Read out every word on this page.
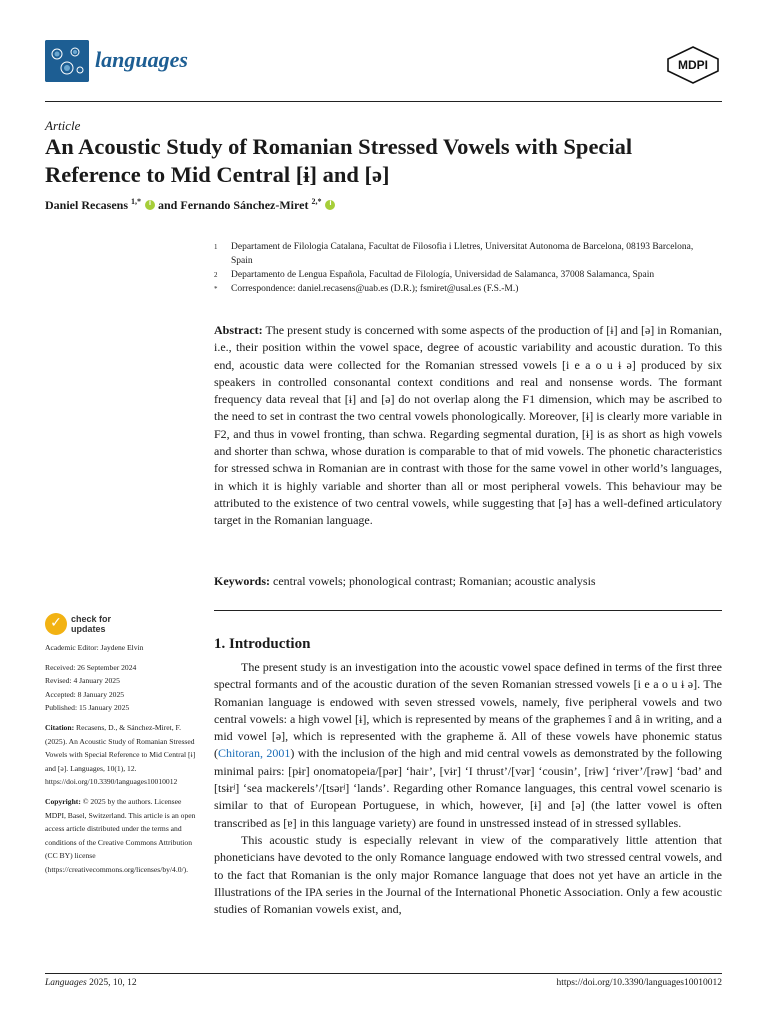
languages	MDPI
Article
An Acoustic Study of Romanian Stressed Vowels with Special
Reference to Mid Central [ɨ] and [ə]
Daniel Recasens $^{1,*}$ i and Fernando Sánchez-Miret $^{2,*}$ i
1	Departament de Filologia Catalana, Facultat de Filosofia i Lletres, Universitat Autonoma de Barcelona, 08193 Barcelona, Spain
2	Departamento de Lengua Española, Facultad de Filología, Universidad de Salamanca, 37008 Salamanca, Spain
*	Correspondence: daniel.recasens@uab.es (D.R.); fsmiret@usal.es (F.S.-M.)
Abstract: The present study is concerned with some aspects of the production of [ɨ] and [ə] in Romanian, i.e., their position within the vowel space, degree of acoustic variability and acoustic duration. To this end, acoustic data were collected for the Romanian stressed vowels [i e a o u ɨ ə] produced by six speakers in controlled consonantal context conditions and real and nonsense words. The formant frequency data reveal that [ɨ] and [ə] do not overlap along the F1 dimension, which may be ascribed to the need to set in contrast the two central vowels phonologically. Moreover, [ɨ] is clearly more variable in F2, and thus in vowel fronting, than schwa. Regarding segmental duration, [ɨ] is as short as high vowels and shorter than schwa, whose duration is comparable to that of mid vowels. The phonetic characteristics for stressed schwa in Romanian are in contrast with those for the same vowel in other world’s languages, in which it is highly variable and shorter than all or most peripheral vowels. This behaviour may be attributed to the existence of two central vowels, while suggesting that [ə] has a well-defined articulatory target in the Romanian language.
Keywords: central vowels; phonological contrast; Romanian; acoustic analysis
✓
check for
updates
Academic Editor: Jaydene Elvin
Received: 26 September 2024
Revised: 4 January 2025
Accepted: 8 January 2025
Published: 15 January 2025
Citation: Recasens, D., & Sánchez-Miret, F. (2025). An Acoustic Study of Romanian Stressed Vowels with Special Reference to Mid Central [ɨ] and [ə]. Languages, 10(1), 12. https://doi.org/10.3390/languages10010012
Copyright: © 2025 by the authors. Licensee MDPI, Basel, Switzerland. This article is an open access article distributed under the terms and conditions of the Creative Commons Attribution (CC BY) license (https://creativecommons.org/licenses/by/4.0/).
1. Introduction

The present study is an investigation into the acoustic vowel space defined in terms of the first three spectral formants and of the acoustic duration of the seven Romanian stressed vowels [i e a o u ɨ ə]. The Romanian language is endowed with seven stressed vowels, namely, five peripheral vowels and two central vowels: a high vowel [ɨ], which is represented by means of the graphemes î and â in writing, and a mid vowel [ə], which is represented with the grapheme ă. All of these vowels have phonemic status (Chitoran, 2001) with the inclusion of the high and mid central vowels as demonstrated by the following minimal pairs: [pɨr] onomatopeia/[pər] ‘hair’, [vɨr] ‘I thrust’/[vər] ‘cousin’, [rɨw] ‘river’/[rəw] ‘bad’ and [tsɨrʲ] ‘sea mackerels’/[tsərʲ] ‘lands’. Regarding other Romance languages, this central vowel scenario is similar to that of European Portuguese, in which, however, [ɨ] and [ə] (the latter vowel is often transcribed as [ɐ] in this language variety) are found in unstressed instead of in stressed syllables.

This acoustic study is especially relevant in view of the comparatively little attention that phoneticians have devoted to the only Romance language endowed with two stressed central vowels, and to the fact that Romanian is the only major Romance language that does not yet have an article in the Illustrations of the IPA series in the Journal of the International Phonetic Association. Only a few acoustic studies of Romanian vowels exist, and,

Languages 2025, 10, 12	https://doi.org/10.3390/languages10010012
